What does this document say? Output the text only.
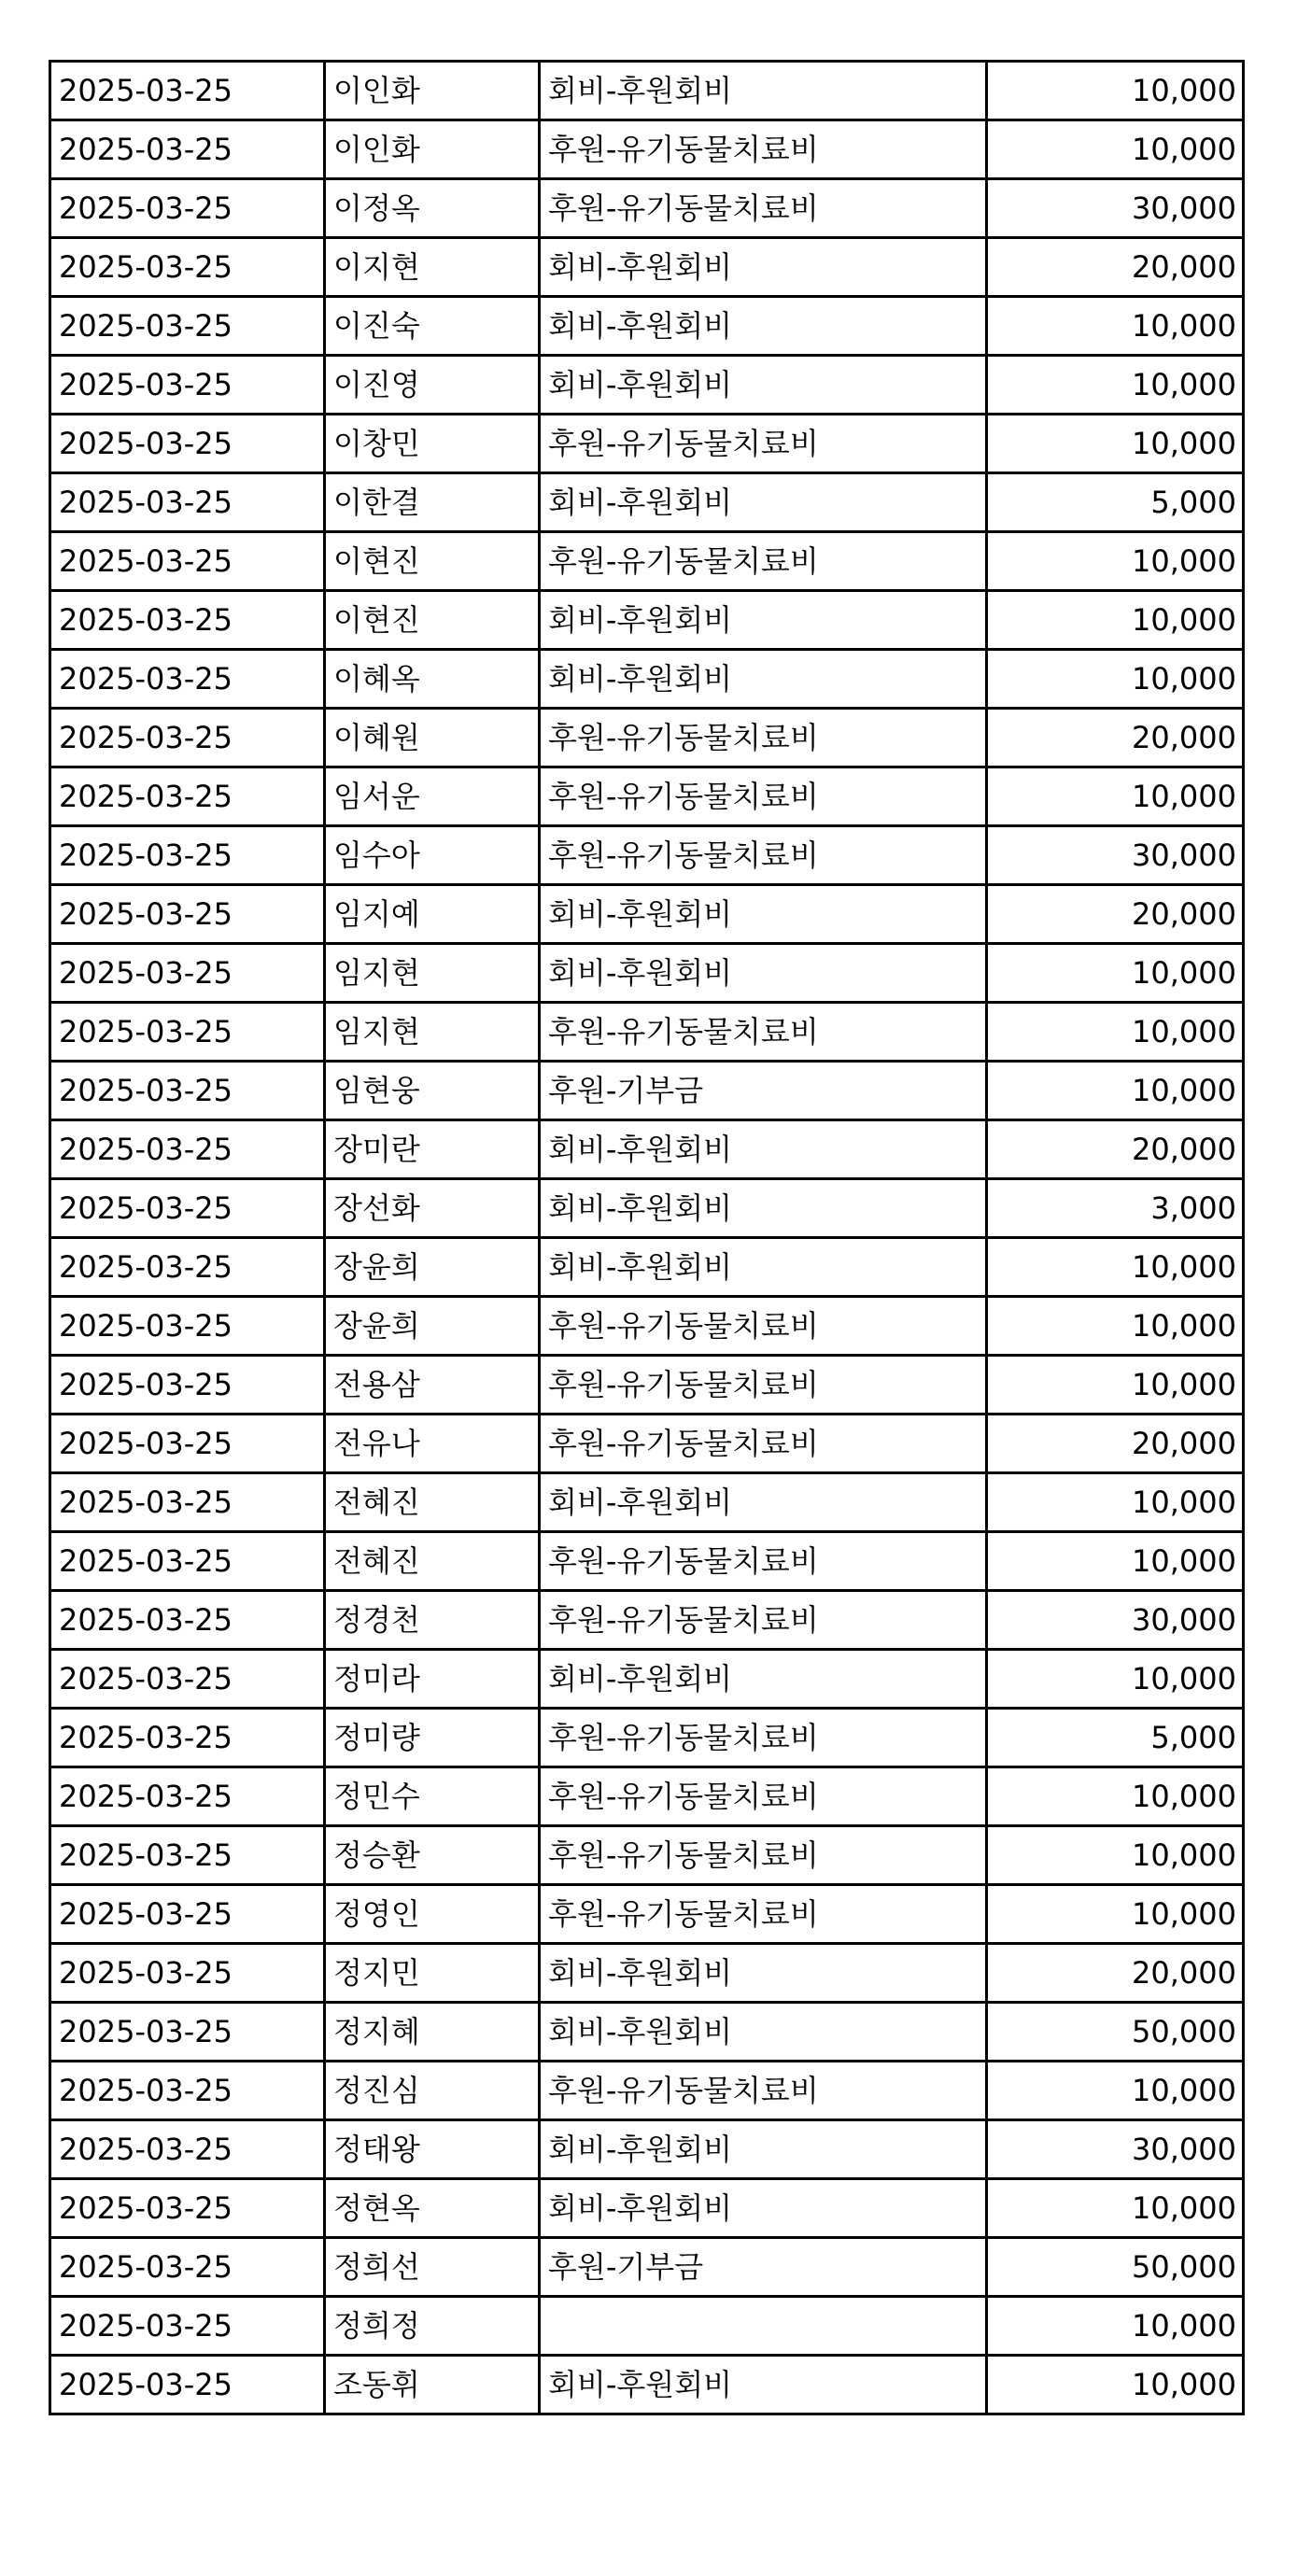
2025-03-25	이인화	회비-후원회비	10,000
2025-03-25	이인화	후원-유기동물치료비	10,000
2025-03-25	이정옥	후원-유기동물치료비	30,000
2025-03-25	이지현	회비-후원회비	20,000
2025-03-25	이진숙	회비-후원회비	10,000
2025-03-25	이진영	회비-후원회비	10,000
2025-03-25	이창민	후원-유기동물치료비	10,000
2025-03-25	이한결	회비-후원회비	5,000
2025-03-25	이현진	후원-유기동물치료비	10,000
2025-03-25	이현진	회비-후원회비	10,000
2025-03-25	이혜옥	회비-후원회비	10,000
2025-03-25	이혜원	후원-유기동물치료비	20,000
2025-03-25	임서운	후원-유기동물치료비	10,000
2025-03-25	임수아	후원-유기동물치료비	30,000
2025-03-25	임지예	회비-후원회비	20,000
2025-03-25	임지현	회비-후원회비	10,000
2025-03-25	임지현	후원-유기동물치료비	10,000
2025-03-25	임현웅	후원-기부금	10,000
2025-03-25	장미란	회비-후원회비	20,000
2025-03-25	장선화	회비-후원회비	3,000
2025-03-25	장윤희	회비-후원회비	10,000
2025-03-25	장윤희	후원-유기동물치료비	10,000
2025-03-25	전용삼	후원-유기동물치료비	10,000
2025-03-25	전유나	후원-유기동물치료비	20,000
2025-03-25	전혜진	회비-후원회비	10,000
2025-03-25	전혜진	후원-유기동물치료비	10,000
2025-03-25	정경천	후원-유기동물치료비	30,000
2025-03-25	정미라	회비-후원회비	10,000
2025-03-25	정미량	후원-유기동물치료비	5,000
2025-03-25	정민수	후원-유기동물치료비	10,000
2025-03-25	정승환	후원-유기동물치료비	10,000
2025-03-25	정영인	후원-유기동물치료비	10,000
2025-03-25	정지민	회비-후원회비	20,000
2025-03-25	정지혜	회비-후원회비	50,000
2025-03-25	정진심	후원-유기동물치료비	10,000
2025-03-25	정태왕	회비-후원회비	30,000
2025-03-25	정현옥	회비-후원회비	10,000
2025-03-25	정희선	후원-기부금	50,000
2025-03-25	정희정		10,000
2025-03-25	조동휘	회비-후원회비	10,000
